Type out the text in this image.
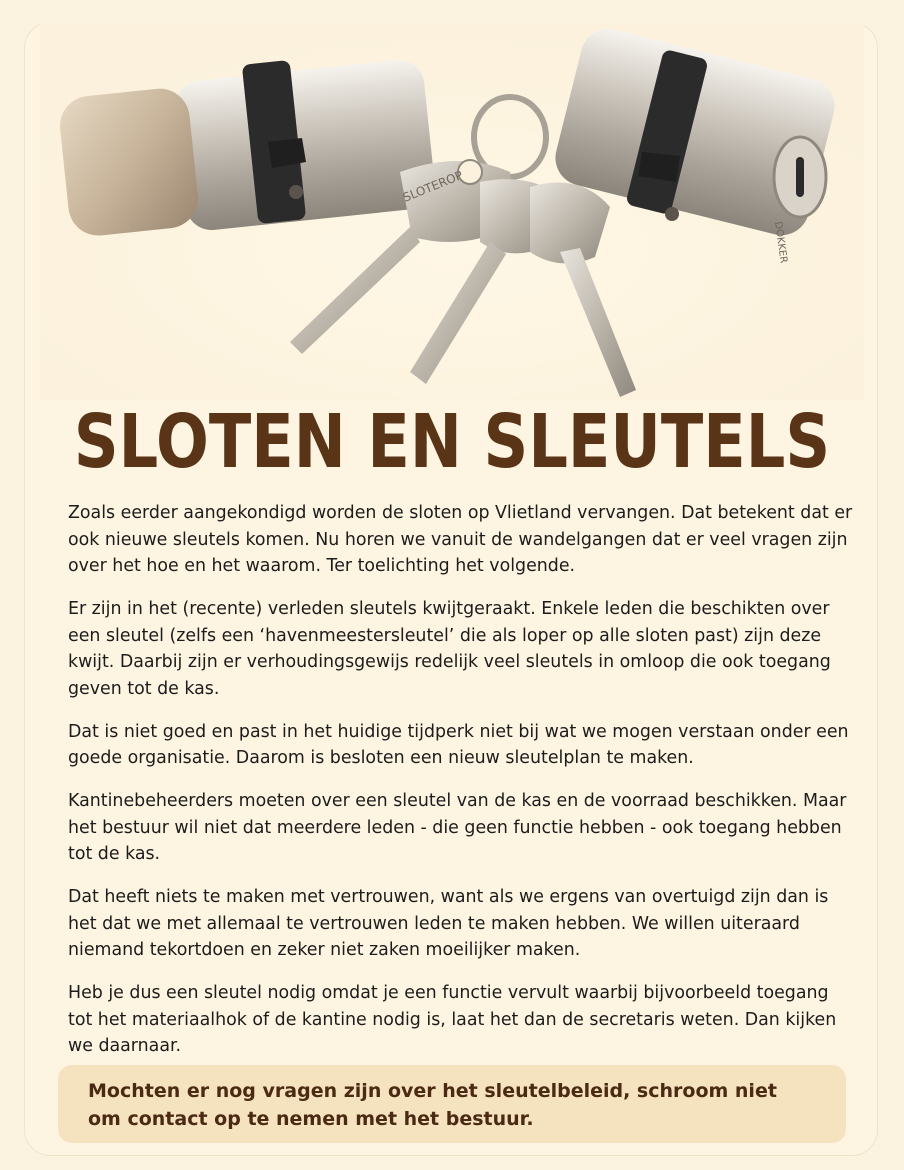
SLOTEROP
DOKKER
SLOTEN EN SLEUTELS

Zoals eerder aangekondigd worden de sloten op Vlietland vervangen. Dat betekent dat er ook nieuwe sleutels komen. Nu horen we vanuit de wandelgangen dat er veel vragen zijn over het hoe en het waarom. Ter toelichting het volgende.

Er zijn in het (recente) verleden sleutels kwijtgeraakt. Enkele leden die beschikten over een sleutel (zelfs een ‘havenmeestersleutel’ die als loper op alle sloten past) zijn deze kwijt. Daarbij zijn er verhoudingsgewijs redelijk veel sleutels in omloop die ook toegang geven tot de kas.

Dat is niet goed en past in het huidige tijdperk niet bij wat we mogen verstaan onder een goede organisatie. Daarom is besloten een nieuw sleutelplan te maken.

Kantinebeheerders moeten over een sleutel van de kas en de voorraad beschikken. Maar het bestuur wil niet dat meerdere leden - die geen functie hebben - ook toegang hebben tot de kas.

Dat heeft niets te maken met vertrouwen, want als we ergens van overtuigd zijn dan is het dat we met allemaal te vertrouwen leden te maken hebben. We willen uiteraard niemand tekortdoen en zeker niet zaken moeilijker maken.

Heb je dus een sleutel nodig omdat je een functie vervult waarbij bijvoorbeeld toegang tot het materiaalhok of de kantine nodig is, laat het dan de secretaris weten. Dan kijken we daarnaar.

Mochten er nog vragen zijn over het sleutelbeleid, schroom niet om contact op te nemen met het bestuur.
